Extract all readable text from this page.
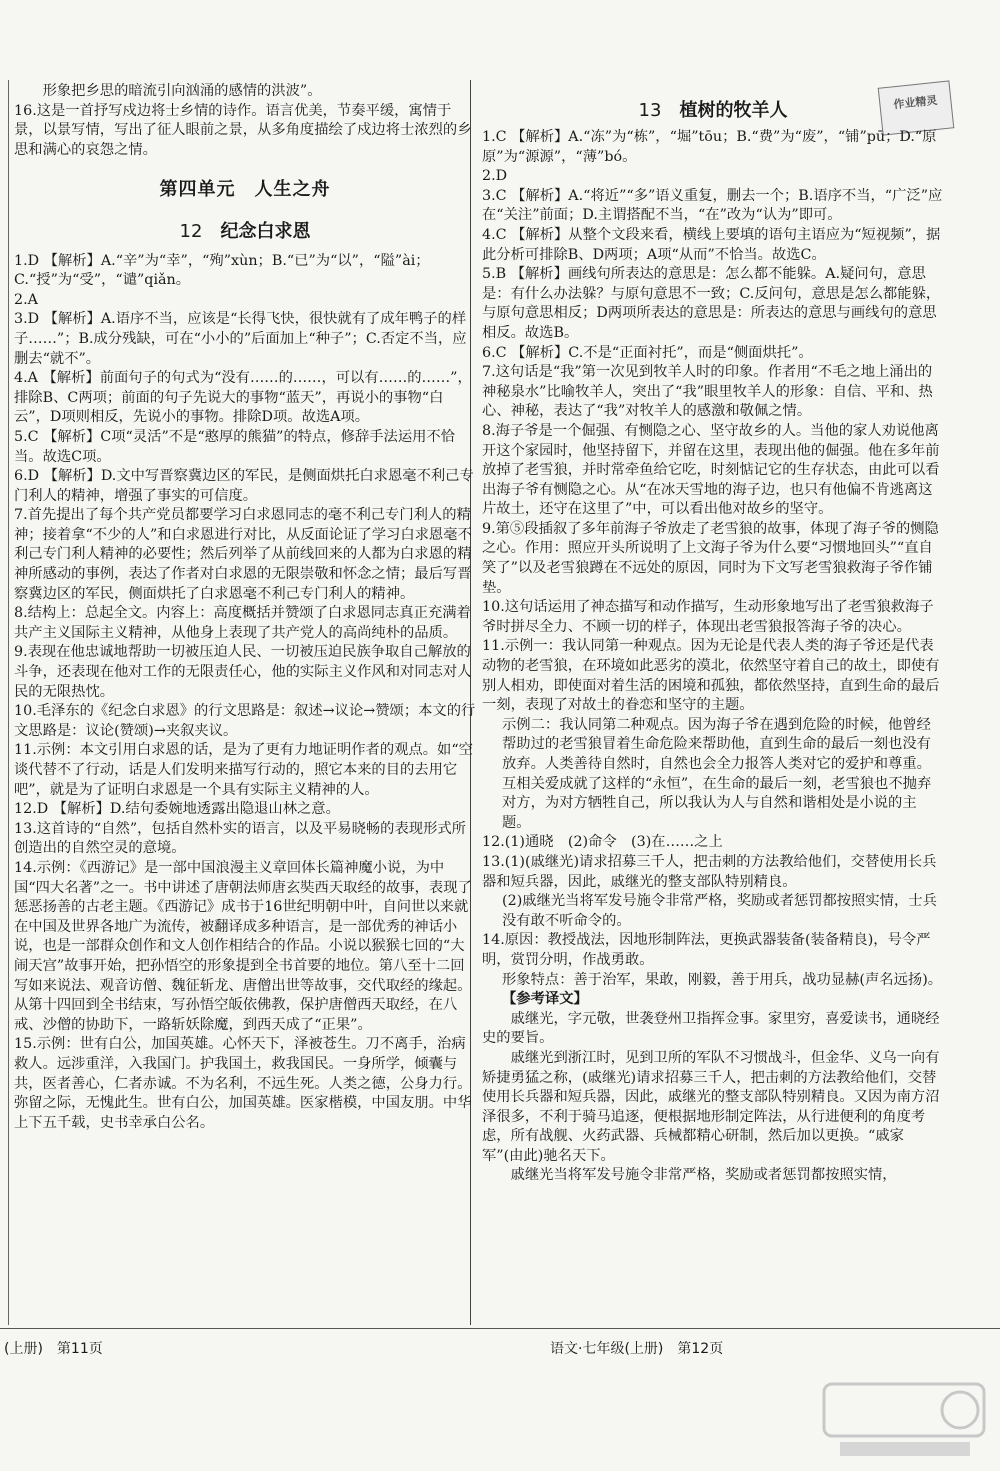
形象把乡思的暗流引向汹涌的感情的洪波”。

16.这是一首抒写戍边将士乡情的诗作。语言优美，节奏平缓，寓情于景，以景写情，写出了征人眼前之景，从多角度描绘了戍边将士浓烈的乡思和满心的哀怨之情。

第四单元　人生之舟
12 纪念白求恩

1.D 【解析】A.“辛”为“幸”，“殉”xùn；B.“已”为“以”，“隘”ài；C.“授”为“受”，“谴”qiǎn。

2.A

3.D 【解析】A.语序不当，应该是“长得飞快，很快就有了成年鸭子的样子……”；B.成分残缺，可在“小小的”后面加上“种子”；C.否定不当，应删去“就不”。

4.A 【解析】前面句子的句式为“没有……的……，可以有……的……”，排除B、C两项；前面的句子先说大的事物“蓝天”，再说小的事物“白云”，D项则相反，先说小的事物。排除D项。故选A项。

5.C 【解析】C项“灵活”不是“憨厚的熊猫”的特点，修辞手法运用不恰当。故选C项。

6.D 【解析】D.文中写晋察冀边区的军民，是侧面烘托白求恩毫不利己专门利人的精神，增强了事实的可信度。

7.首先提出了每个共产党员都要学习白求恩同志的毫不利己专门利人的精神；接着拿“不少的人”和白求恩进行对比，从反面论证了学习白求恩毫不利己专门利人精神的必要性；然后列举了从前线回来的人都为白求恩的精神所感动的事例，表达了作者对白求恩的无限崇敬和怀念之情；最后写晋察冀边区的军民，侧面烘托了白求恩毫不利己专门利人的精神。

8.结构上：总起全文。内容上：高度概括并赞颂了白求恩同志真正充满着共产主义国际主义精神，从他身上表现了共产党人的高尚纯朴的品质。

9.表现在他忠诚地帮助一切被压迫人民、一切被压迫民族争取自己解放的斗争，还表现在他对工作的无限责任心，他的实际主义作风和对同志对人民的无限热忱。

10.毛泽东的《纪念白求恩》的行文思路是：叙述→议论→赞颂；本文的行文思路是：议论(赞颂)→夹叙夹议。

11.示例：本文引用白求恩的话，是为了更有力地证明作者的观点。如“空谈代替不了行动，话是人们发明来描写行动的，照它本来的目的去用它吧”，就是为了证明白求恩是一个具有实际主义精神的人。

12.D 【解析】D.结句委婉地透露出隐退山林之意。

13.这首诗的“自然”，包括自然朴实的语言，以及平易晓畅的表现形式所创造出的自然空灵的意境。

14.示例：《西游记》是一部中国浪漫主义章回体长篇神魔小说，为中国“四大名著”之一。书中讲述了唐朝法师唐玄奘西天取经的故事，表现了惩恶扬善的古老主题。《西游记》成书于16世纪明朝中叶，自问世以来就在中国及世界各地广为流传，被翻译成多种语言，是一部优秀的神话小说，也是一部群众创作和文人创作相结合的作品。小说以猴猴七回的“大闹天宫”故事开始，把孙悟空的形象提到全书首要的地位。第八至十二回写如来说法、观音访僧、魏征斩龙、唐僧出世等故事，交代取经的缘起。从第十四回到全书结束，写孙悟空皈依佛教，保护唐僧西天取经，在八戒、沙僧的协助下，一路斩妖除魔，到西天成了“正果”。

15.示例：世有白公，加国英雄。心怀天下，泽被苍生。刀不离手，治病救人。远涉重洋，入我国门。护我国土，救我国民。一身所学，倾囊与共，医者善心，仁者赤诚。不为名利，不远生死。人类之德，公身力行。弥留之际，无愧此生。世有白公，加国英雄。医家楷模，中国友朋。中华上下五千载，史书幸承白公名。

13 植树的牧羊人	作业精灵

1.C 【解析】A.“冻”为“栋”，“堀”tōu；B.“费”为“废”，“铺”pū；D.“原原”为“源源”，“薄”bó。

2.D

3.C 【解析】A.“将近”“多”语义重复，删去一个；B.语序不当，“广泛”应在“关注”前面；D.主谓搭配不当，“在”改为“认为”即可。

4.C 【解析】从整个文段来看，横线上要填的语句主语应为“短视频”，据此分析可排除B、D两项；A项“从而”不恰当。故选C。

5.B 【解析】画线句所表达的意思是：怎么都不能躲。A.疑问句，意思是：有什么办法躲？与原句意思不一致；C.反问句，意思是怎么都能躲，与原句意思相反；D两项所表达的意思是：所表达的意思与画线句的意思相反。故选B。

6.C 【解析】C.不是“正面衬托”，而是“侧面烘托”。

7.这句话是“我”第一次见到牧羊人时的印象。作者用“不毛之地上涌出的神秘泉水”比喻牧羊人，突出了“我”眼里牧羊人的形象：自信、平和、热心、神秘，表达了“我”对牧羊人的感激和敬佩之情。

8.海子爷是一个倔强、有恻隐之心、坚守故乡的人。当他的家人劝说他离开这个家园时，他坚持留下，并留在这里，表现出他的倔强。他在多年前放掉了老雪狼，并时常牵鱼给它吃，时刻惦记它的生存状态，由此可以看出海子爷有恻隐之心。从“在冰天雪地的海子边，也只有他偏不肯逃离这片故土，还守在这里了”中，可以看出他对故乡的坚守。

9.第⑤段插叙了多年前海子爷放走了老雪狼的故事，体现了海子爷的恻隐之心。作用：照应开头所说明了上文海子爷为什么要“习惯地回头”“直自笑了”以及老雪狼蹲在不远处的原因，同时为下文写老雪狼救海子爷作铺垫。

10.这句话运用了神态描写和动作描写，生动形象地写出了老雪狼救海子爷时拼尽全力、不顾一切的样子，体现出老雪狼报答海子爷的决心。

11.示例一：我认同第一种观点。因为无论是代表人类的海子爷还是代表动物的老雪狼，在环境如此恶劣的漠北，依然坚守着自己的故土，即使有别人相劝，即使面对着生活的困境和孤独，都依然坚持，直到生命的最后一刻，表现了对故土的眷恋和坚守的主题。

示例二：我认同第二种观点。因为海子爷在遇到危险的时候，他曾经帮助过的老雪狼冒着生命危险来帮助他，直到生命的最后一刻也没有放弃。人类善待自然时，自然也会全力报答人类对它的爱护和尊重。互相关爱成就了这样的“永恒”，在生命的最后一刻，老雪狼也不抛弃对方，为对方牺牲自己，所以我认为人与自然和谐相处是小说的主题。

12.(1)通晓　(2)命令　(3)在……之上

13.(1)(戚继光)请求招募三千人，把击刺的方法教给他们，交替使用长兵器和短兵器，因此，戚继光的整支部队特别精良。

(2)戚继光当将军发号施令非常严格，奖励或者惩罚都按照实情，士兵没有敢不听命令的。

14.原因：教授战法，因地形制阵法，更换武器装备(装备精良)，号令严明，赏罚分明，作战勇敢。

形象特点：善于治军，果敢，刚毅，善于用兵，战功显赫(声名远扬)。

【参考译文】

戚继光，字元敬，世袭登州卫指挥佥事。家里穷，喜爱读书，通晓经史的要旨。

戚继光到浙江时，见到卫所的军队不习惯战斗，但金华、义乌一向有矫捷勇猛之称，(戚继光)请求招募三千人，把击刺的方法教给他们，交替使用长兵器和短兵器，因此，戚继光的整支部队特别精良。又因为南方沼泽很多，不利于骑马追逐，便根据地形制定阵法，从行进便利的角度考虑，所有战舰、火药武器、兵械都精心研制，然后加以更换。“戚家军”(由此)驰名天下。

戚继光当将军发号施令非常严格，奖励或者惩罚都按照实情，

(上册)　第11页	语文·七年级(上册)　第12页
